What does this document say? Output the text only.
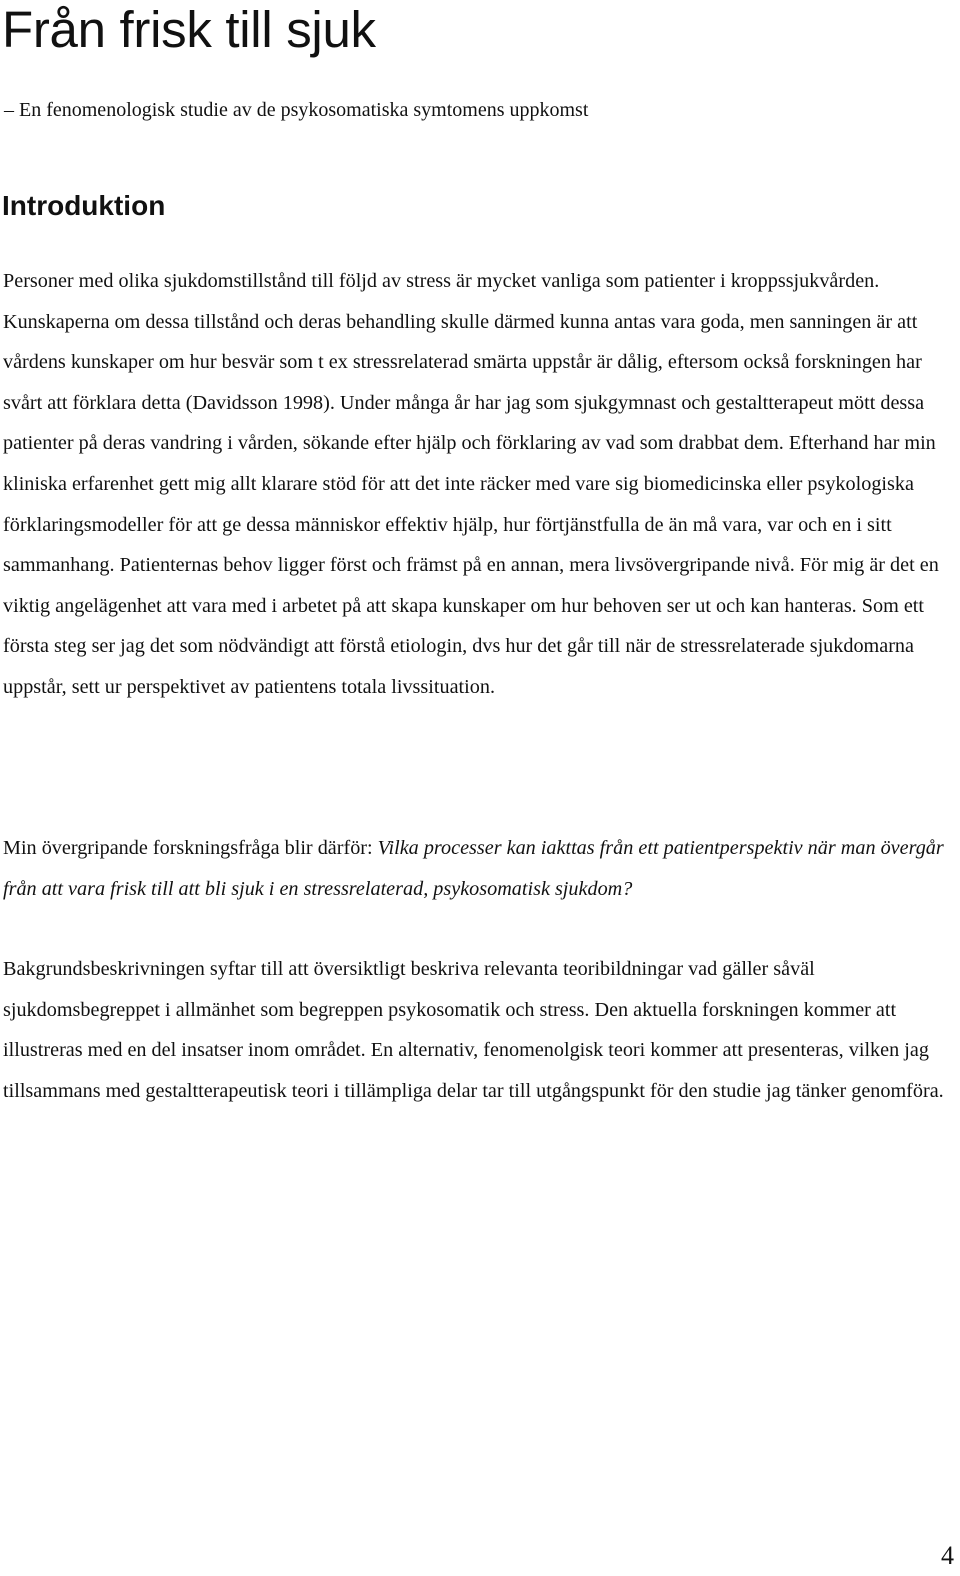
Från frisk till sjuk

– En fenomenologisk studie av de psykosomatiska symtomens uppkomst

Introduktion

Personer med olika sjukdomstillstånd till följd av stress är mycket vanliga som patienter i kroppssjukvården. Kunskaperna om dessa tillstånd och deras behandling skulle därmed kunna antas vara goda, men sanningen är att vårdens kunskaper om hur besvär som t ex stressrelaterad smärta uppstår är dålig, eftersom också forskningen har svårt att förklara detta (Davidsson 1998). Under många år har jag som sjukgymnast och gestaltterapeut mött dessa patienter på deras vandring i vården, sökande efter hjälp och förklaring av vad som drabbat dem. Efterhand har min kliniska erfarenhet gett mig allt klarare stöd för att det inte räcker med vare sig biomedicinska eller psykologiska förklaringsmodeller för att ge dessa människor effektiv hjälp, hur förtjänstfulla de än må vara, var och en i sitt sammanhang. Patienternas behov ligger först och främst på en annan, mera livsövergripande nivå. För mig är det en viktig angelägenhet att vara med i arbetet på att skapa kunskaper om hur behoven ser ut och kan hanteras. Som ett första steg ser jag det som nödvändigt att förstå etiologin, dvs hur det går till när de stressrelaterade sjukdomarna uppstår, sett ur perspektivet av patientens totala livssituation.

Min övergripande forskningsfråga blir därför: Vilka processer kan iakttas från ett patientperspektiv när man övergår från att vara frisk till att bli sjuk i en stressrelaterad, psykosomatisk sjukdom?

Bakgrundsbeskrivningen syftar till att översiktligt beskriva relevanta teoribildningar vad gäller såväl sjukdomsbegreppet i allmänhet som begreppen psykosomatik och stress. Den aktuella forskningen kommer att illustreras med en del insatser inom området. En alternativ, fenomenolgisk teori kommer att presenteras, vilken jag tillsammans med gestaltterapeutisk teori i tillämpliga delar tar till utgångspunkt för den studie jag tänker genomföra.

4
